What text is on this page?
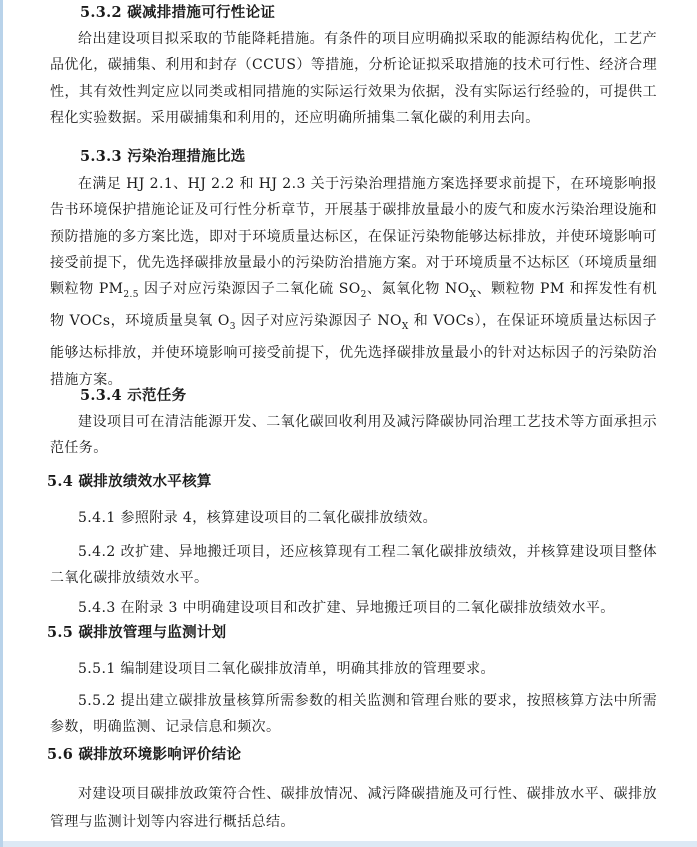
5.3.2 碳减排措施可行性论证

给出建设项目拟采取的节能降耗措施。有条件的项目应明确拟采取的能源结构优化，工艺产品优化，碳捕集、利用和封存（CCUS）等措施，分析论证拟采取措施的技术可行性、经济合理性，其有效性判定应以同类或相同措施的实际运行效果为依据，没有实际运行经验的，可提供工程化实验数据。采用碳捕集和利用的，还应明确所捕集二氧化碳的利用去向。

5.3.3 污染治理措施比选

在满足 HJ 2.1、HJ 2.2 和 HJ 2.3 关于污染治理措施方案选择要求前提下，在环境影响报告书环境保护措施论证及可行性分析章节，开展基于碳排放量最小的废气和废水污染治理设施和预防措施的多方案比选，即对于环境质量达标区，在保证污染物能够达标排放，并使环境影响可接受前提下，优先选择碳排放量最小的污染防治措施方案。对于环境质量不达标区（环境质量细颗粒物 $PM_{2.5}$ 因子对应污染源因子二氧化硫 $SO_2$、氮氧化物 $NO_X$、颗粒物 PM 和挥发性有机物 VOCs，环境质量臭氧 $O_3$ 因子对应污染源因子 $NO_X$ 和 VOCs），在保证环境质量达标因子能够达标排放，并使环境影响可接受前提下，优先选择碳排放量最小的针对达标因子的污染防治措施方案。

5.3.4 示范任务

建设项目可在清洁能源开发、二氧化碳回收利用及减污降碳协同治理工艺技术等方面承担示范任务。

5.4 碳排放绩效水平核算

5.4.1 参照附录 4，核算建设项目的二氧化碳排放绩效。

5.4.2 改扩建、异地搬迁项目，还应核算现有工程二氧化碳排放绩效，并核算建设项目整体二氧化碳排放绩效水平。

5.4.3 在附录 3 中明确建设项目和改扩建、异地搬迁项目的二氧化碳排放绩效水平。

5.5 碳排放管理与监测计划

5.5.1 编制建设项目二氧化碳排放清单，明确其排放的管理要求。

5.5.2 提出建立碳排放量核算所需参数的相关监测和管理台账的要求，按照核算方法中所需参数，明确监测、记录信息和频次。

5.6 碳排放环境影响评价结论

对建设项目碳排放政策符合性、碳排放情况、减污降碳措施及可行性、碳排放水平、碳排放管理与监测计划等内容进行概括总结。
